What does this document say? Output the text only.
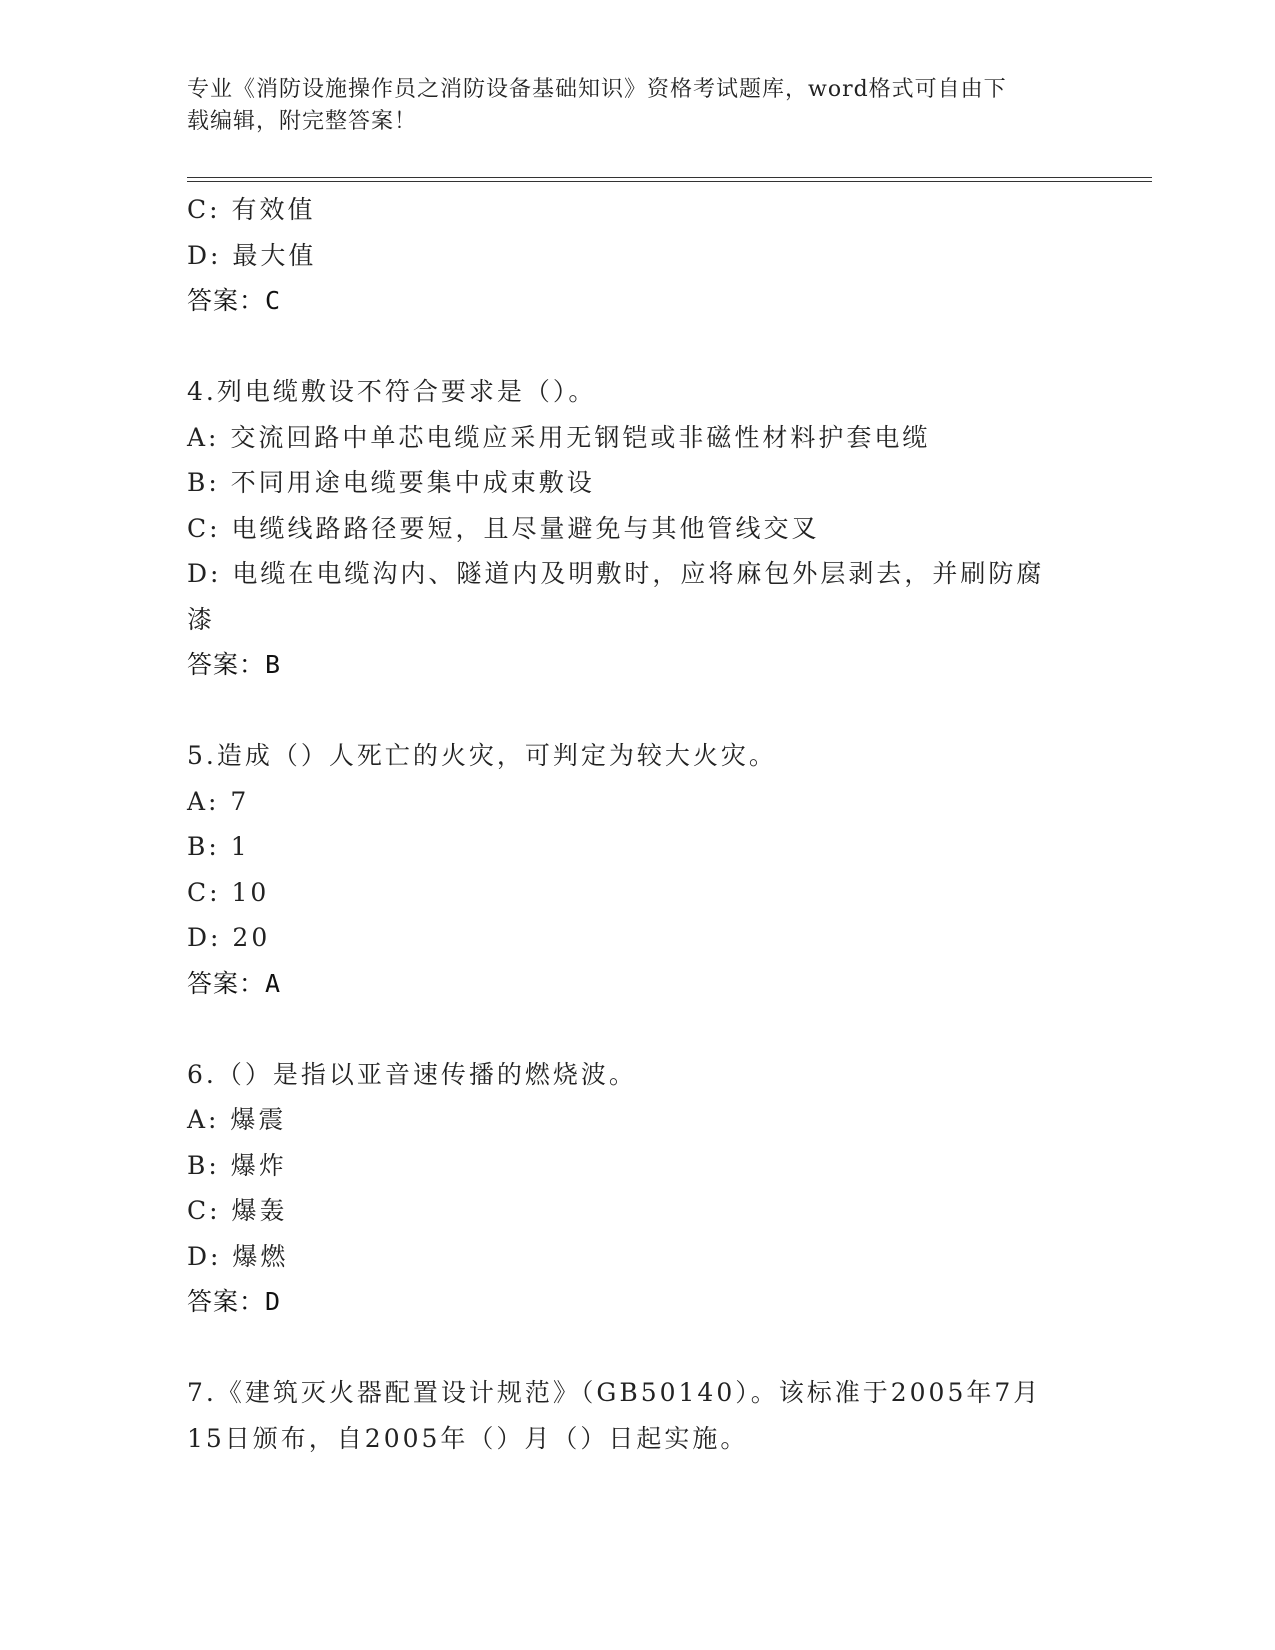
专业《消防设施操作员之消防设备基础知识》资格考试题库，word格式可自由下
载编辑，附完整答案！
C: 有效值
D: 最大值
答案：C
4.列电缆敷设不符合要求是（）。
A: 交流回路中单芯电缆应采用无钢铠或非磁性材料护套电缆
B: 不同用途电缆要集中成束敷设
C: 电缆线路路径要短，且尽量避免与其他管线交叉
D: 电缆在电缆沟内、隧道内及明敷时，应将麻包外层剥去，并刷防腐
漆
答案：B
5.造成（）人死亡的火灾，可判定为较大火灾。
A: 7
B: 1
C: 10
D: 20
答案：A
6.（）是指以亚音速传播的燃烧波。
A: 爆震
B: 爆炸
C: 爆轰
D: 爆燃
答案：D
7.《建筑灭火器配置设计规范》（GB50140）。该标准于2005年7月
15日颁布，自2005年（）月（）日起实施。
